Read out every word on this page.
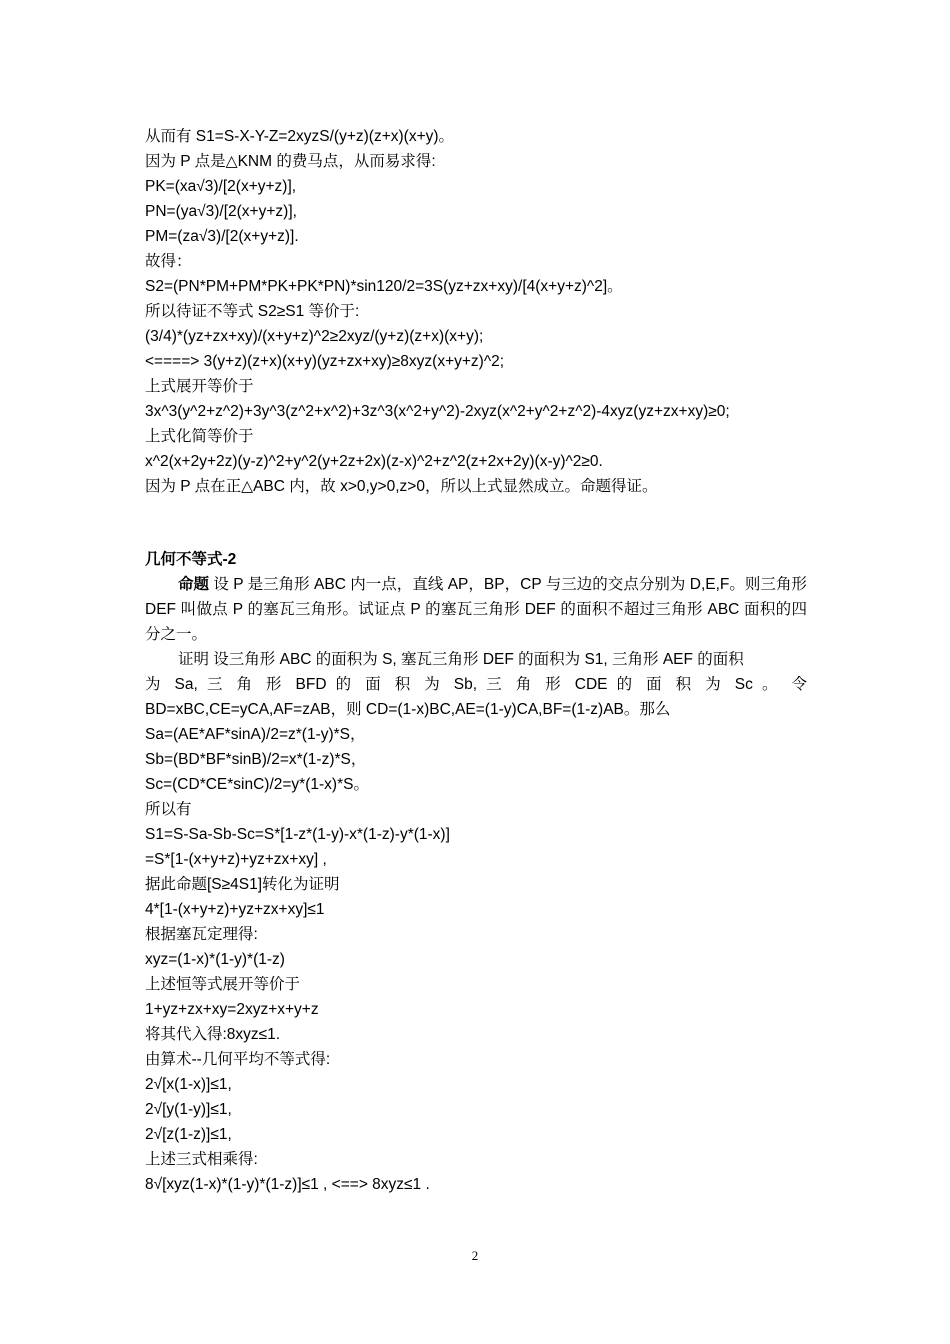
从而有 S1=S-X-Y-Z=2xyzS/(y+z)(z+x)(x+y)。
因为 P 点是△KNM 的费马点，从而易求得:
PK=(xa√3)/[2(x+y+z)],
PN=(ya√3)/[2(x+y+z)],
PM=(za√3)/[2(x+y+z)].
故得：
S2=(PN*PM+PM*PK+PK*PN)*sin120/2=3S(yz+zx+xy)/[4(x+y+z)^2]。
所以待证不等式 S2≥S1 等价于:
(3/4)*(yz+zx+xy)/(x+y+z)^2≥2xyz/(y+z)(z+x)(x+y);
<====> 3(y+z)(z+x)(x+y)(yz+zx+xy)≥8xyz(x+y+z)^2;
上式展开等价于
3x^3(y^2+z^2)+3y^3(z^2+x^2)+3z^3(x^2+y^2)-2xyz(x^2+y^2+z^2)-4xyz(yz+zx+xy)≥0;
上式化简等价于
x^2(x+2y+2z)(y-z)^2+y^2(y+2z+2x)(z-x)^2+z^2(z+2x+2y)(x-y)^2≥0.
因为 P 点在正△ABC 内，故 x>0,y>0,z>0，所以上式显然成立。命题得证。
几何不等式-2
命题 设 P 是三角形 ABC 内一点，直线 AP，BP，CP 与三边的交点分别为 D,E,F。则三角形 DEF 叫做点 P 的塞瓦三角形。试证点 P 的塞瓦三角形 DEF 的面积不超过三角形 ABC 面积的四分之一。
证明 设三角形 ABC 的面积为 S, 塞瓦三角形 DEF 的面积为 S1, 三角形 AEF 的面积
为 Sa, 三 角 形 BFD 的 面 积 为 Sb, 三 角 形 CDE 的 面 积 为 Sc 。 令
BD=xBC,CE=yCA,AF=zAB，则 CD=(1-x)BC,AE=(1-y)CA,BF=(1-z)AB。那么
Sa=(AE*AF*sinA)/2=z*(1-y)*S，
Sb=(BD*BF*sinB)/2=x*(1-z)*S，
Sc=(CD*CE*sinC)/2=y*(1-x)*S。
所以有
S1=S-Sa-Sb-Sc=S*[1-z*(1-y)-x*(1-z)-y*(1-x)]
=S*[1-(x+y+z)+yz+zx+xy] ,
据此命题[S≥4S1]转化为证明
4*[1-(x+y+z)+yz+zx+xy]≤1
根据塞瓦定理得:
xyz=(1-x)*(1-y)*(1-z)
上述恒等式展开等价于
1+yz+zx+xy=2xyz+x+y+z
将其代入得:8xyz≤1.
由算术--几何平均不等式得:
2√[x(1-x)]≤1,
2√[y(1-y)]≤1,
2√[z(1-z)]≤1,
上述三式相乘得:
8√[xyz(1-x)*(1-y)*(1-z)]≤1 , <==> 8xyz≤1 .
2
